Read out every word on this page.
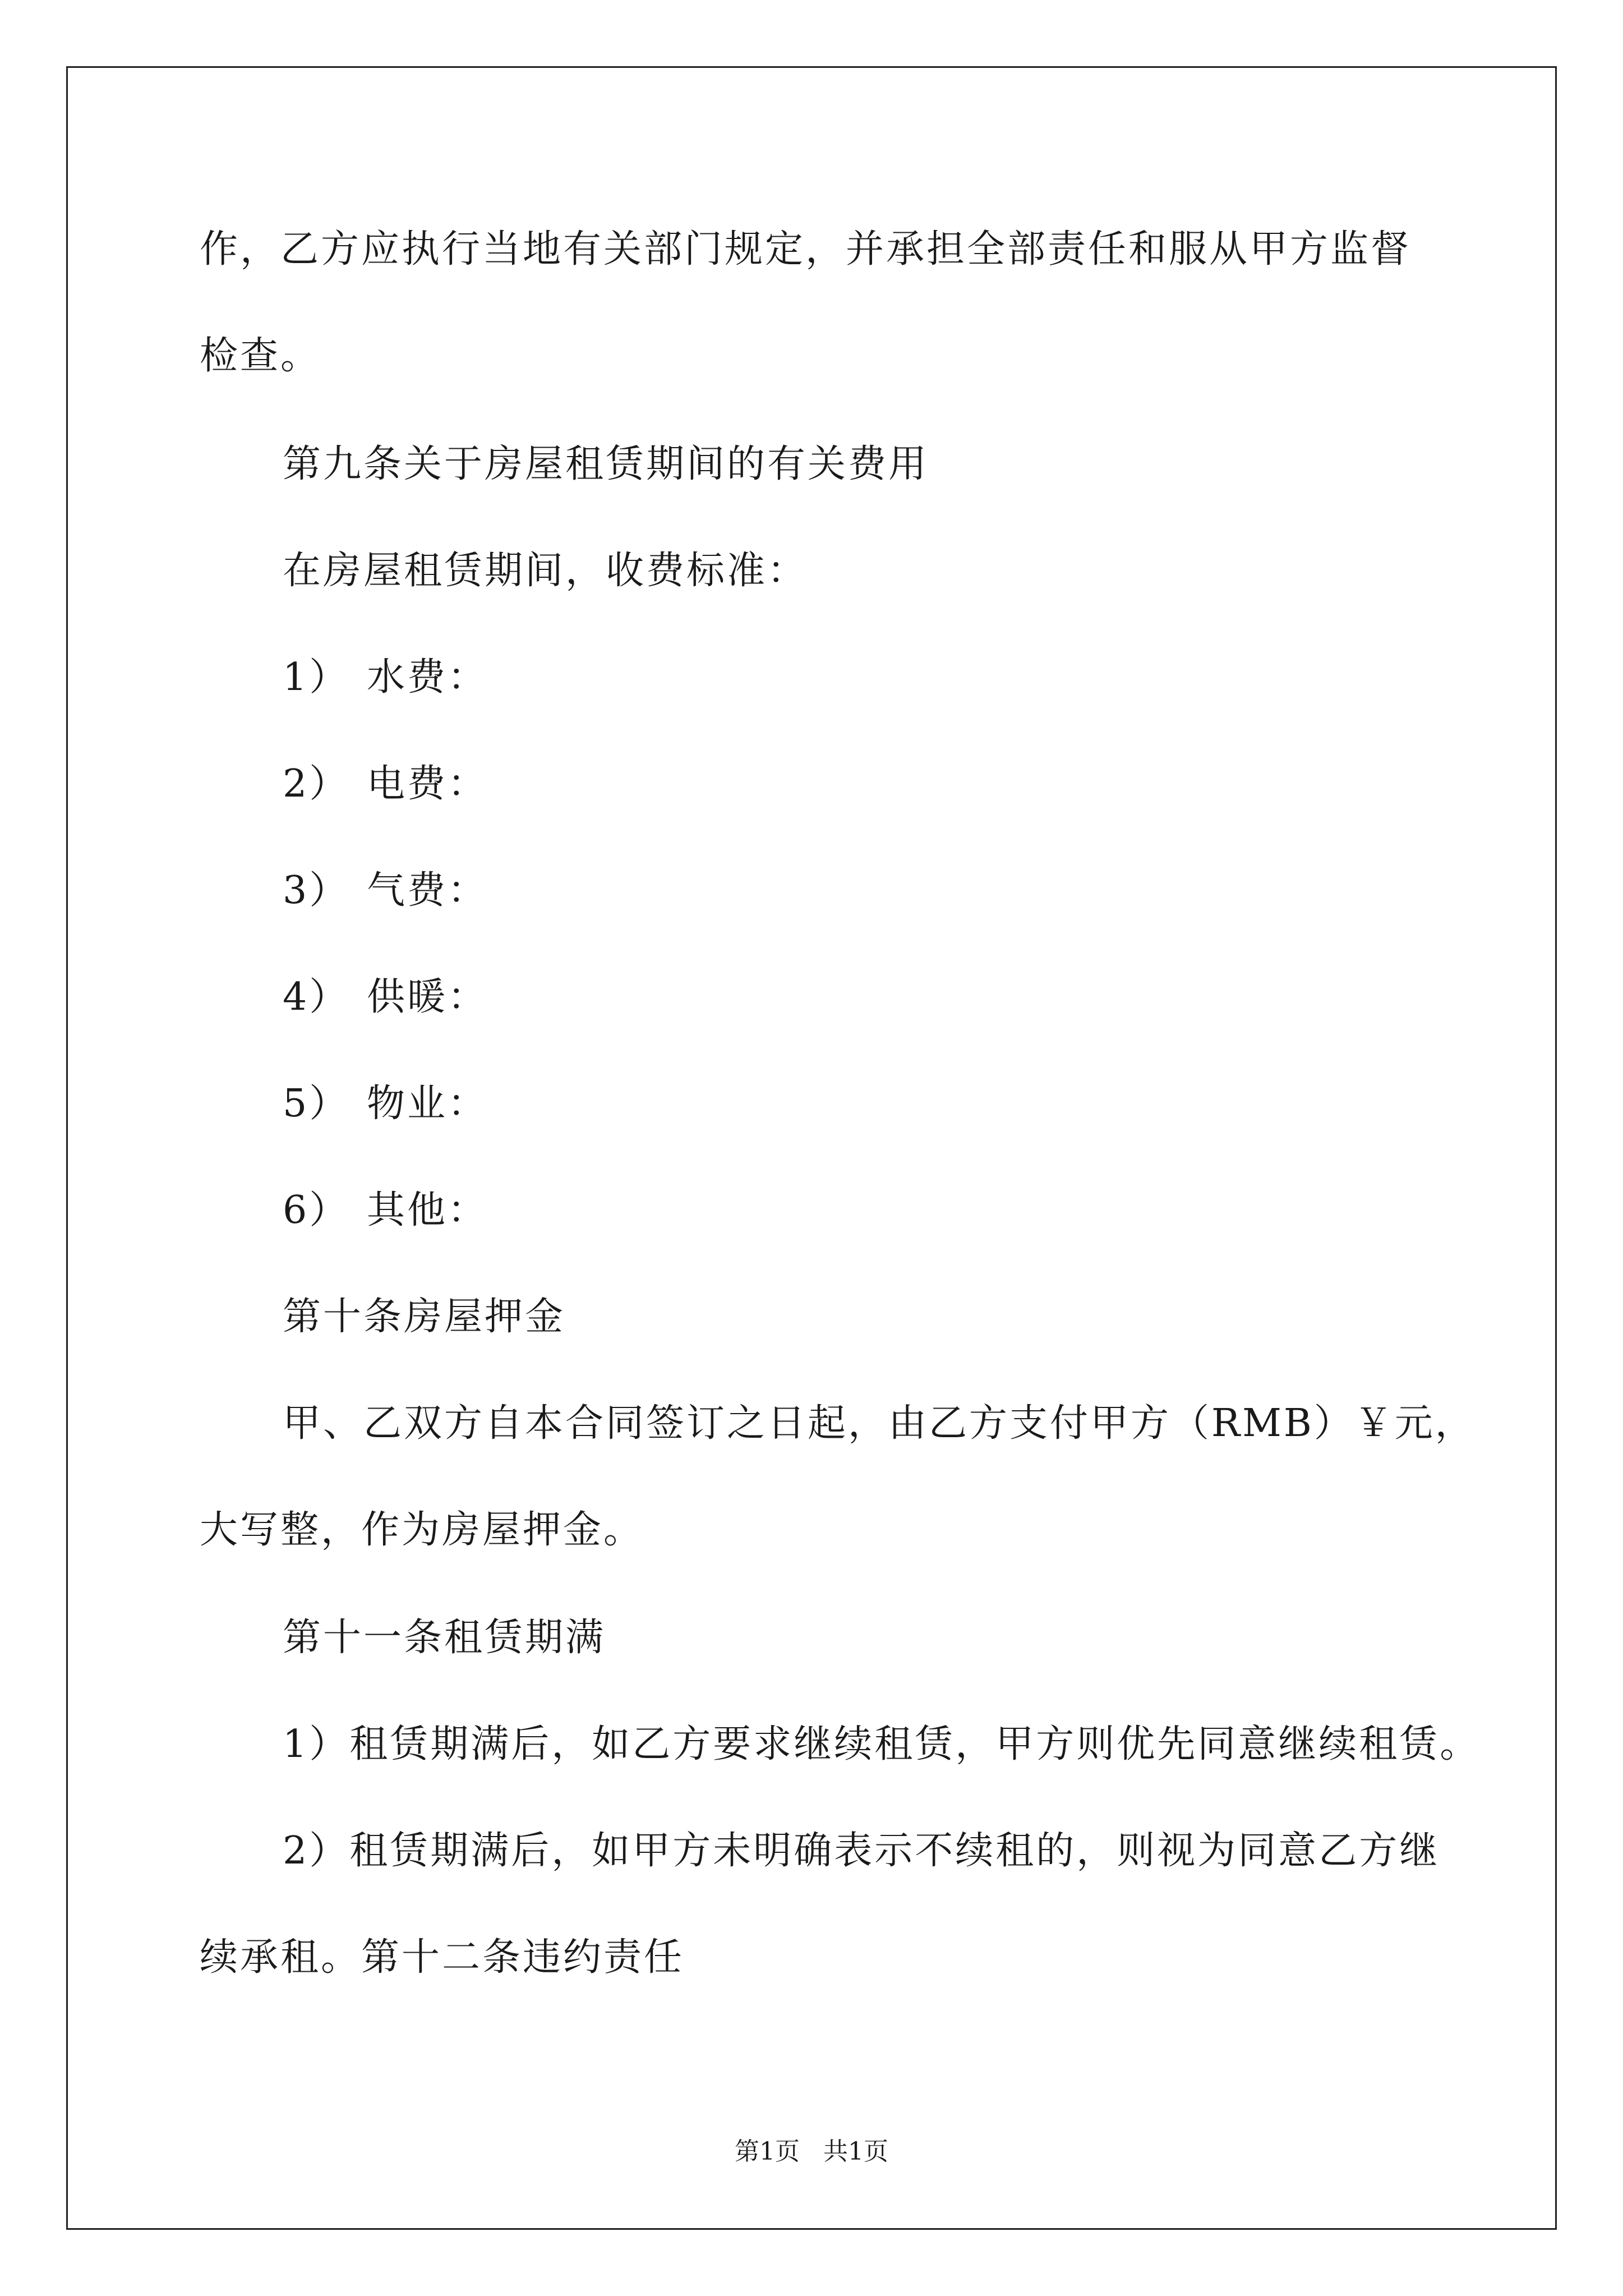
作，乙方应执行当地有关部门规定，并承担全部责任和服从甲方监督
检查。
第九条关于房屋租赁期间的有关费用
在房屋租赁期间，收费标准：
1） 水费：
2） 电费：
3） 气费：
4） 供暖：
5） 物业：
6） 其他：
第十条房屋押金
甲、乙双方自本合同签订之日起，由乙方支付甲方（RMB）￥元，
大写整，作为房屋押金。
第十一条租赁期满
1）租赁期满后，如乙方要求继续租赁，甲方则优先同意继续租赁。
2）租赁期满后，如甲方未明确表示不续租的，则视为同意乙方继
续承租。第十二条违约责任
第1页   共1页
